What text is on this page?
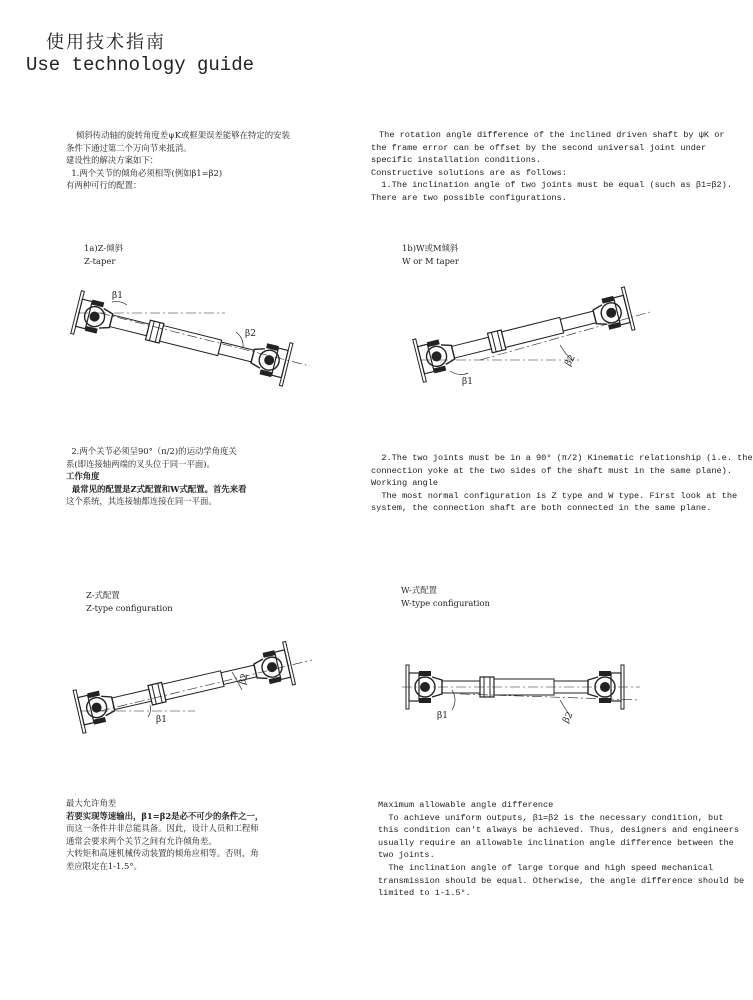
使用技术指南
Use technology guide
倾斜传动轴的旋转角度差ψK或框架误差能够在特定的安装
条件下通过第二个万向节来抵消。
建设性的解决方案如下：
1.两个关节的倾角必须相等(例如β1=β2)
有两种可行的配置：
The rotation angle difference of the inclined driven shaft by ψK or
the frame error can be offset by the second universal joint under
specific installation conditions.
Constructive solutions are as follows:
1.The inclination angle of two joints must be equal (such as β1=β2).
There are two possible configurations.
1a)Z-倾斜
Z-taper
1b)W或M倾斜
W or M taper
2.两个关节必须呈90°（π/2)的运动学角度关
系(即连接轴两端的叉头位于同一平面)。
工作角度
最常见的配置是Z式配置和W式配置。首先来看
这个系统，其连接轴都连接在同一平面。
2.The two joints must be in a 90° (π/2) Kinematic relationship (i.e. the
connection yoke at the two sides of the shaft must in the same plane).
Working angle
The most normal configuration is Z type and W type. First look at the
system, the connection shaft are both connected in the same plane.
Z-式配置
Z-type configuration
W-式配置
W-type configuration
最大允许角差
若要实现等速输出，β1=β2是必不可少的条件之一，
而这一条件并非总能具备。因此，设计人员和工程师
通常会要求两个关节之间有允许倾角差。
大转矩和高速机械传动装置的倾角应相等。否则，角
差应限定在1-1.5°。
Maximum allowable angle difference
To achieve uniform outputs, β1=β2 is the necessary condition, but
this condition can't always be achieved. Thus, designers and engineers
usually require an allowable inclination angle difference between the
two joints.
The inclination angle of large torque and high speed mechanical
transmission should be equal. Otherwise, the angle difference should be
limited to 1-1.5°.
β1
β2
β1
β2
β1
β2
β1	β2
